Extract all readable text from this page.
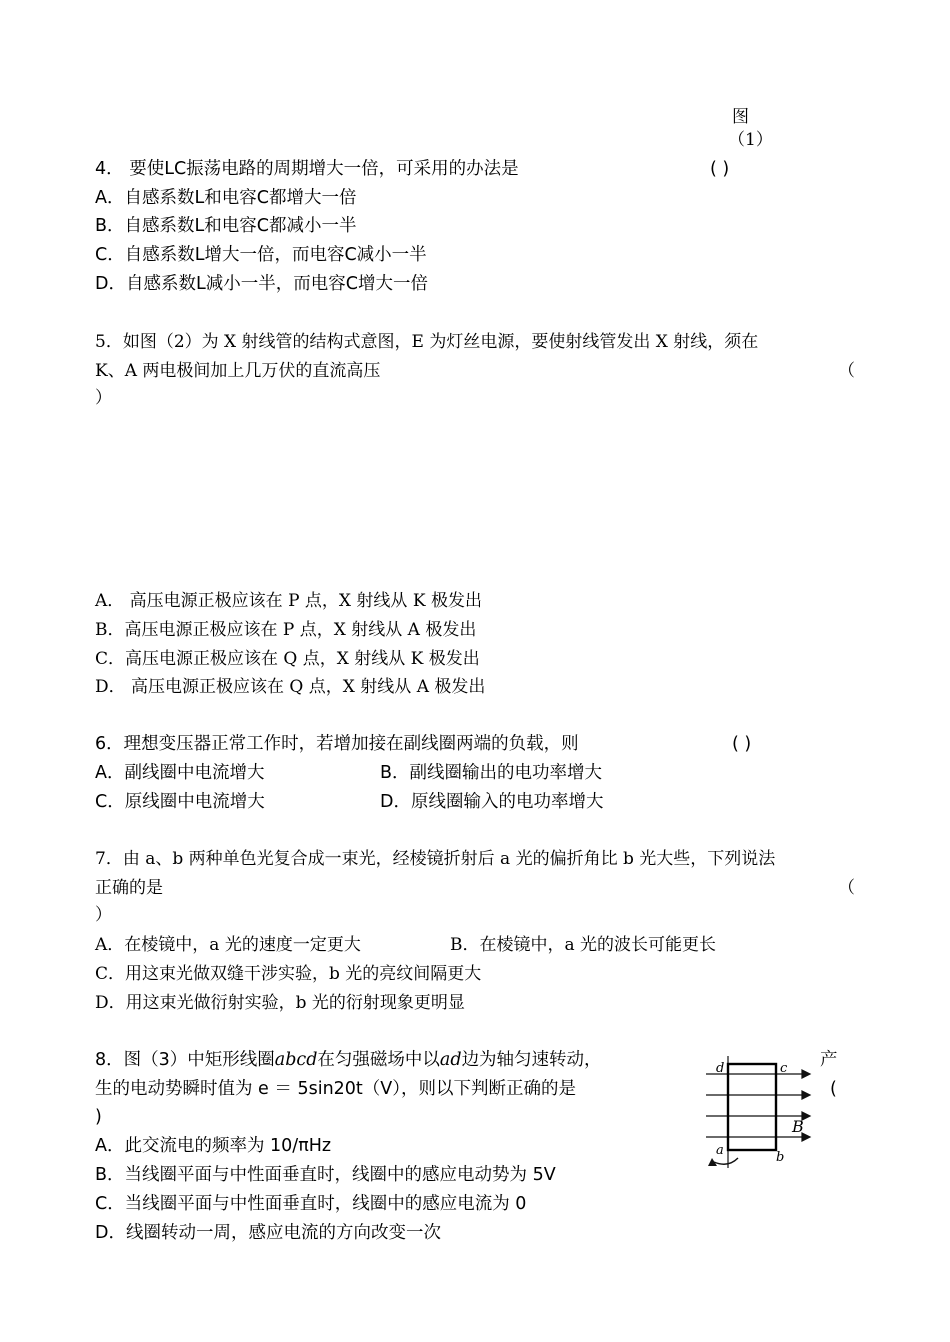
图
（1）
4． 要使LC振荡电路的周期增大一倍，可采用的办法是	( )
A．自感系数L和电容C都增大一倍
B．自感系数L和电容C都减小一半
C．自感系数L增大一倍，而电容C减小一半
D．自感系数L减小一半，而电容C增大一倍
5．如图（2）为 X 射线管的结构式意图，E 为灯丝电源，要使射线管发出 X 射线，须在
K、A 两电极间加上几万伏的直流高压	（
）
A． 高压电源正极应该在 P 点，X 射线从 K 极发出
B．高压电源正极应该在 P 点，X 射线从 A 极发出
C．高压电源正极应该在 Q 点，X 射线从 K 极发出
D． 高压电源正极应该在 Q 点，X 射线从 A 极发出
6．理想变压器正常工作时，若增加接在副线圈两端的负载，则	( )
A．副线圈中电流增大	B．副线圈输出的电功率增大
C．原线圈中电流增大	D．原线圈输入的电功率增大
7．由 a、b 两种单色光复合成一束光，经棱镜折射后 a 光的偏折角比 b 光大些，下列说法
正确的是	（
）
A．在棱镜中，a 光的速度一定更大	B．在棱镜中，a 光的波长可能更长
C．用这束光做双缝干涉实验，b 光的亮纹间隔更大
D．用这束光做衍射实验，b 光的衍射现象更明显
8．图（3）中矩形线圈abcd在匀强磁场中以ad边为轴匀速转动，	产
生的电动势瞬时值为 e ＝ 5sin20t（V），则以下判断正确的是	(
)
A．此交流电的频率为 10/πHz
B．当线圈平面与中性面垂直时，线圈中的感应电动势为 5V
C．当线圈平面与中性面垂直时，线圈中的感应电流为 0
D．线圈转动一周，感应电流的方向改变一次
d	c
a	b
B
